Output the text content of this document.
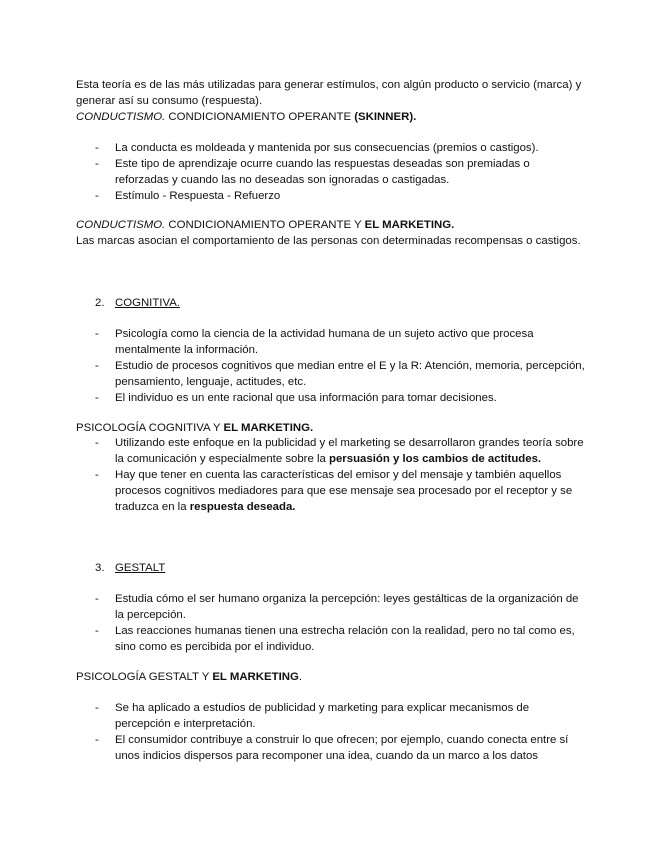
Esta teoría es de las más utilizadas para generar estímulos, con algún producto o servicio (marca) y generar así su consumo (respuesta).

CONDUCTISMO. CONDICIONAMIENTO OPERANTE (SKINNER).

- La conducta es moldeada y mantenida por sus consecuencias (premios o castigos).
- Este tipo de aprendizaje ocurre cuando las respuestas deseadas son premiadas o reforzadas y cuando las no deseadas son ignoradas o castigadas.
- Estímulo - Respuesta - Refuerzo

CONDUCTISMO. CONDICIONAMIENTO OPERANTE Y EL MARKETING.

Las marcas asocian el comportamiento de las personas con determinadas recompensas o castigos.

2. COGNITIVA.

- Psicología como la ciencia de la actividad humana de un sujeto activo que procesa mentalmente la información.
- Estudio de procesos cognitivos que median entre el E y la R: Atención, memoria, percepción, pensamiento, lenguaje, actitudes, etc.
- El individuo es un ente racional que usa información para tomar decisiones.

PSICOLOGÍA COGNITIVA Y EL MARKETING.

- Utilizando este enfoque en la publicidad y el marketing se desarrollaron grandes teoría sobre la comunicación y especialmente sobre la persuasión y los cambios de actitudes.
- Hay que tener en cuenta las características del emisor y del mensaje y también aquellos procesos cognitivos mediadores para que ese mensaje sea procesado por el receptor y se traduzca en la respuesta deseada.

3. GESTALT

- Estudia cómo el ser humano organiza la percepción: leyes gestálticas de la organización de la percepción.
- Las reacciones humanas tienen una estrecha relación con la realidad, pero no tal como es, sino como es percibida por el individuo.

PSICOLOGÍA GESTALT Y EL MARKETING.

- Se ha aplicado a estudios de publicidad y marketing para explicar mecanismos de percepción e interpretación.
- El consumidor contribuye a construir lo que ofrecen; por ejemplo, cuando conecta entre sí unos indicios dispersos para recomponer una idea, cuando da un marco a los datos
